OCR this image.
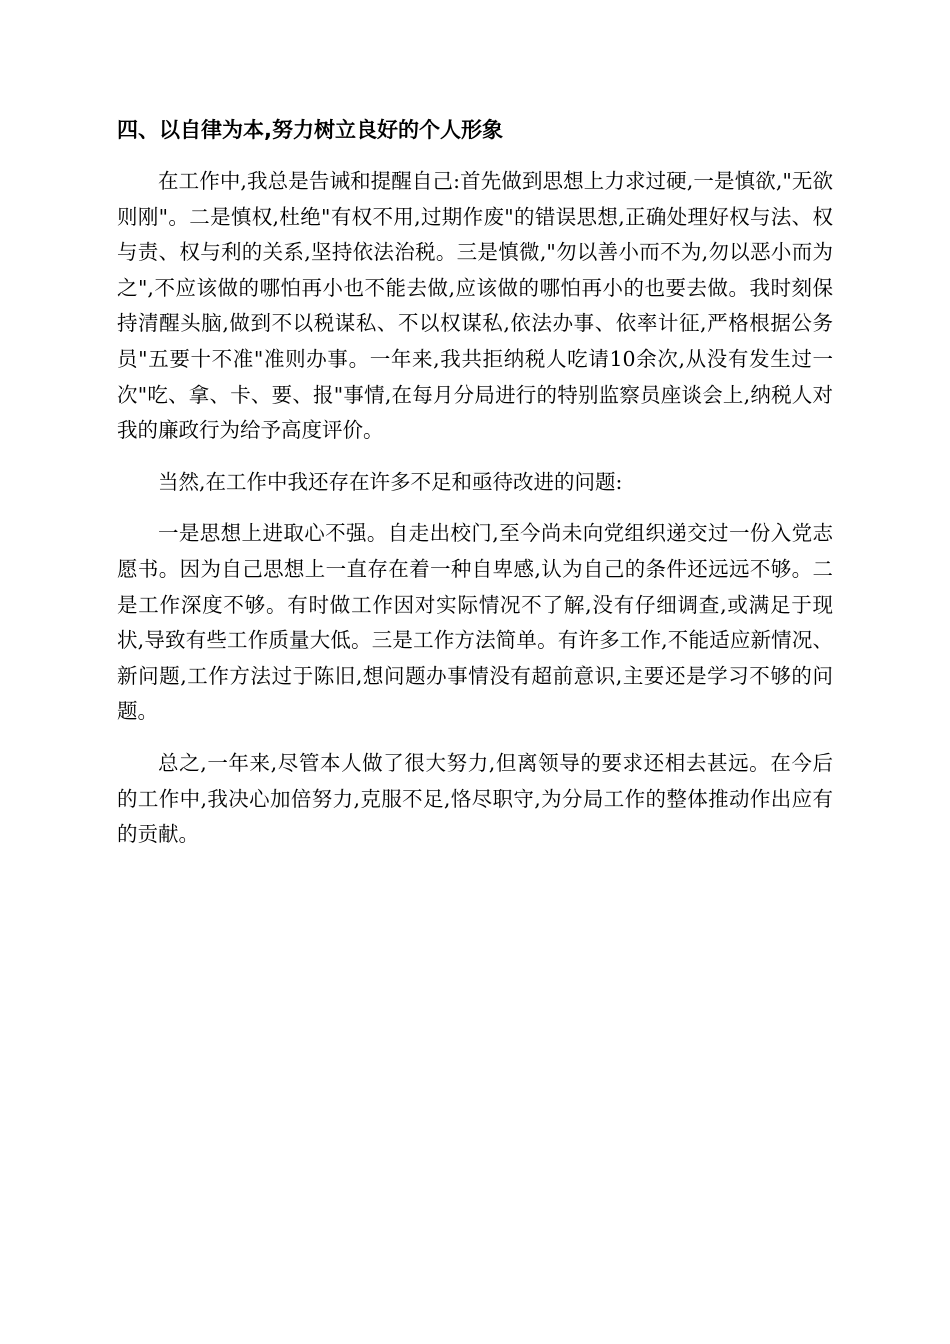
四、以自律为本,努力树立良好的个人形象

在工作中,我总是告诫和提醒自己:首先做到思想上力求过硬,一是慎欲,"无欲则刚"。二是慎权,杜绝"有权不用,过期作废"的错误思想,正确处理好权与法、权与责、权与利的关系,坚持依法治税。三是慎微,"勿以善小而不为,勿以恶小而为之",不应该做的哪怕再小也不能去做,应该做的哪怕再小的也要去做。我时刻保持清醒头脑,做到不以税谋私、不以权谋私,依法办事、依率计征,严格根据公务员"五要十不准"准则办事。一年来,我共拒纳税人吃请10余次,从没有发生过一次"吃、拿、卡、要、报"事情,在每月分局进行的特别监察员座谈会上,纳税人对我的廉政行为给予高度评价。

当然,在工作中我还存在许多不足和亟待改进的问题:

一是思想上进取心不强。自走出校门,至今尚未向党组织递交过一份入党志愿书。因为自己思想上一直存在着一种自卑感,认为自己的条件还远远不够。二是工作深度不够。有时做工作因对实际情况不了解,没有仔细调查,或满足于现状,导致有些工作质量大低。三是工作方法简单。有许多工作,不能适应新情况、新问题,工作方法过于陈旧,想问题办事情没有超前意识,主要还是学习不够的问题。

总之,一年来,尽管本人做了很大努力,但离领导的要求还相去甚远。在今后的工作中,我决心加倍努力,克服不足,恪尽职守,为分局工作的整体推动作出应有的贡献。
